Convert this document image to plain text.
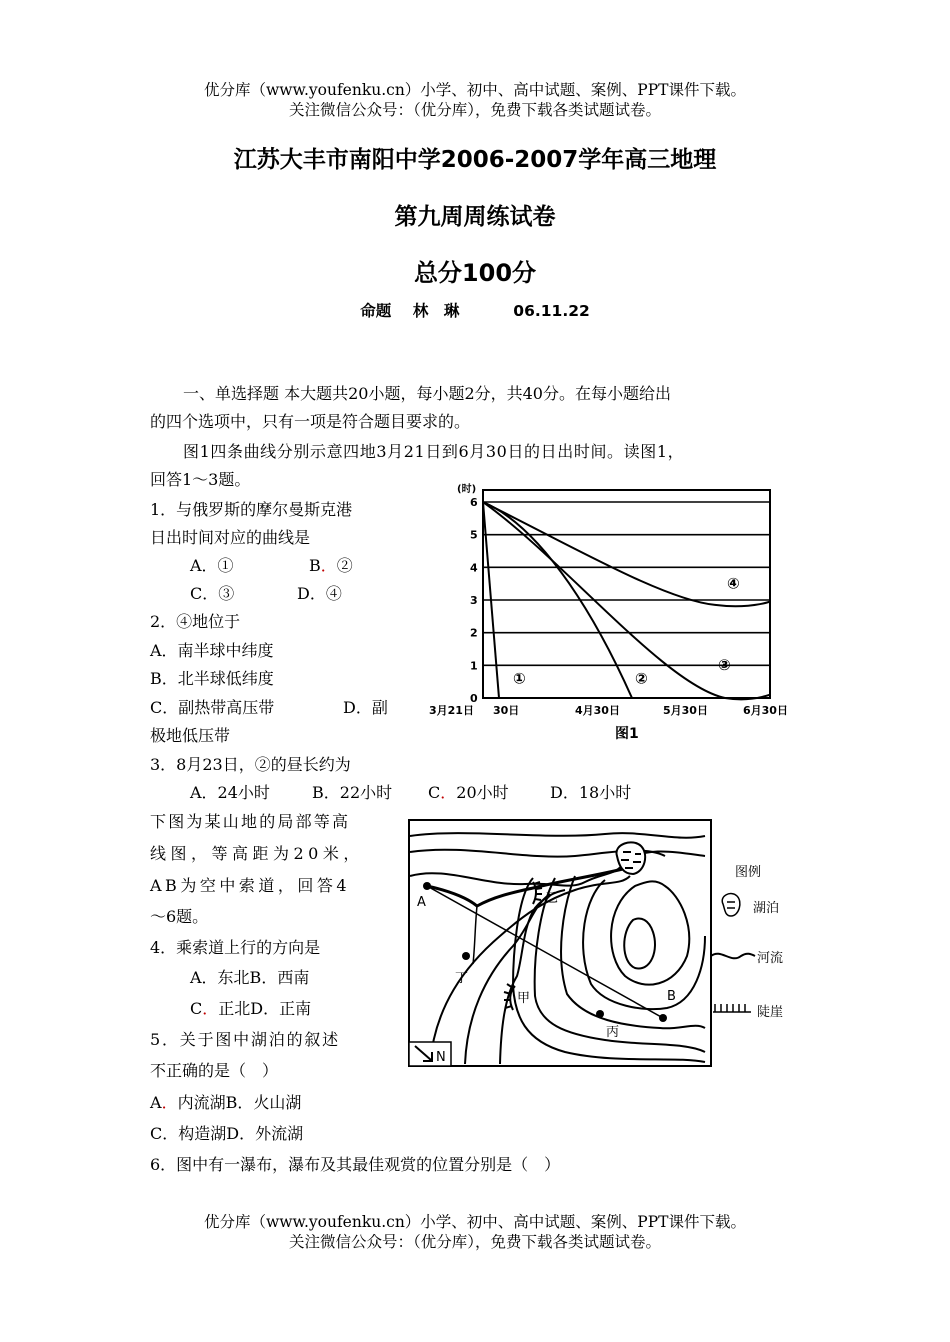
优分库（www.youfenku.cn）小学、初中、高中试题、案例、PPT课件下载。
关注微信公众号：（优分库），免费下载各类试题试卷。
江苏大丰市南阳中学2006-2007学年高三地理
第九周周练试卷
总分100分
命题 林　琳	06.11.22
一、单选择题 本大题共20小题，每小题2分，共40分。在每小题给出
的四个选项中，只有一项是符合题目要求的。
图1四条曲线分别示意四地3月21日到6月30日的日出时间。读图1，
回答1～3题。
1．与俄罗斯的摩尔曼斯克港
日出时间对应的曲线是
A．①	B．②
C．③	D．④
2．④地位于
A．南半球中纬度
B．北半球低纬度
C．副热带高压带	D．副
极地低压带
3．8月23日，②的昼长约为
A．24小时	B．22小时 C．20小时	D．18小时
下图为某山地的局部等高
线图，等高距为20米，
AB为空中索道，回答4
～6题。
4．乘索道上行的方向是
A．东北B．西南
C．正北D．正南
5．关于图中湖泊的叙述
不正确的是（　）
A．内流湖B．火山湖
C．构造湖D．外流湖
6．图中有一瀑布，瀑布及其最佳观赏的位置分别是（　）
优分库（www.youfenku.cn）小学、初中、高中试题、案例、PPT课件下载。
关注微信公众号：（优分库），免费下载各类试题试卷。
0
1
2
3
4
5
6
(时)
3月21日 30日	4月30日	5月30日	6月30日
图1
①	②
③
④
A
B
乙
甲
丙
丁
N
图例
湖泊
河流
陡崖
